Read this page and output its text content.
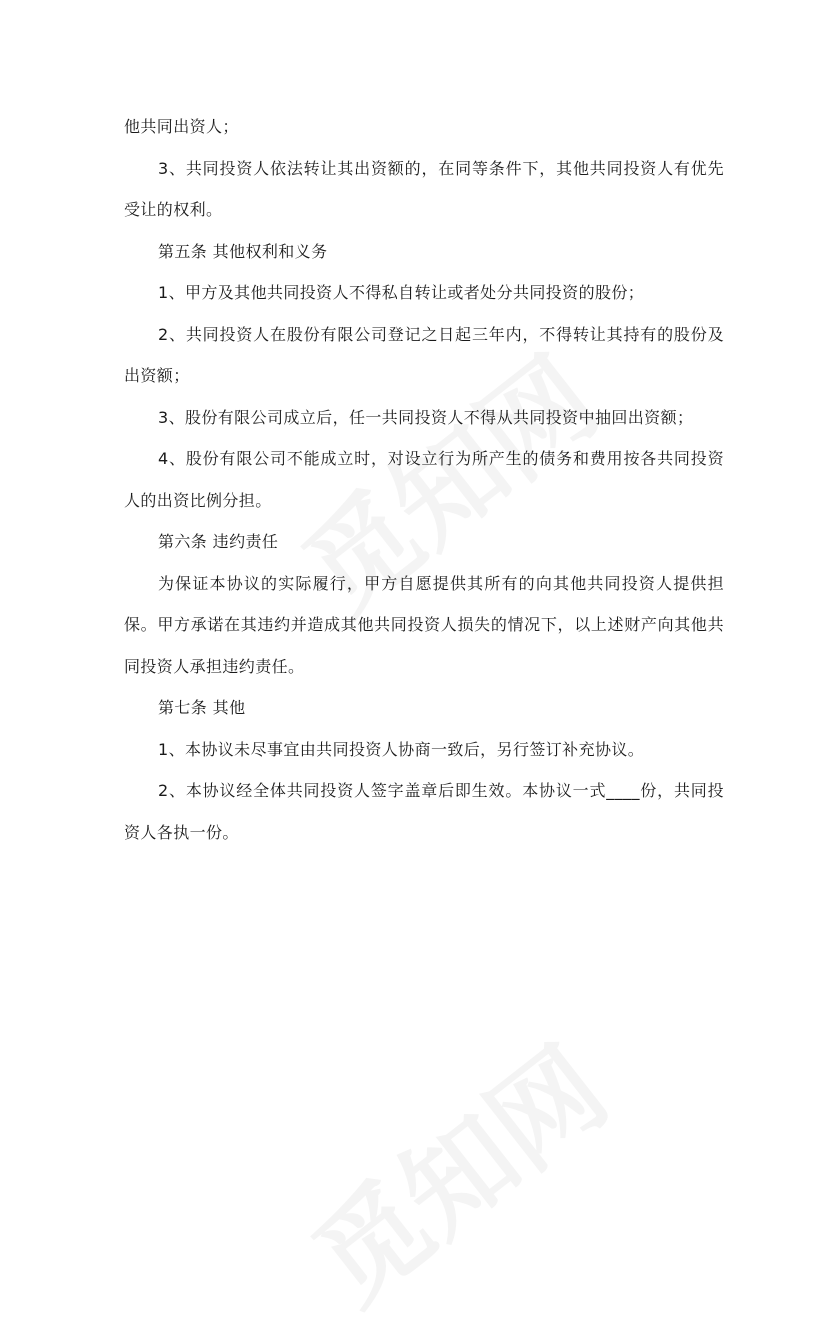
他共同出资人；

3、共同投资人依法转让其出资额的，在同等条件下，其他共同投资人有优先受让的权利。

第五条 其他权利和义务

1、甲方及其他共同投资人不得私自转让或者处分共同投资的股份；

2、共同投资人在股份有限公司登记之日起三年内，不得转让其持有的股份及出资额；

3、股份有限公司成立后，任一共同投资人不得从共同投资中抽回出资额；

4、股份有限公司不能成立时，对设立行为所产生的债务和费用按各共同投资人的出资比例分担。

第六条 违约责任

为保证本协议的实际履行，甲方自愿提供其所有的向其他共同投资人提供担保。甲方承诺在其违约并造成其他共同投资人损失的情况下，以上述财产向其他共同投资人承担违约责任。

第七条 其他

1、本协议未尽事宜由共同投资人协商一致后，另行签订补充协议。

2、本协议经全体共同投资人签字盖章后即生效。本协议一式____份，共同投资人各执一份。
